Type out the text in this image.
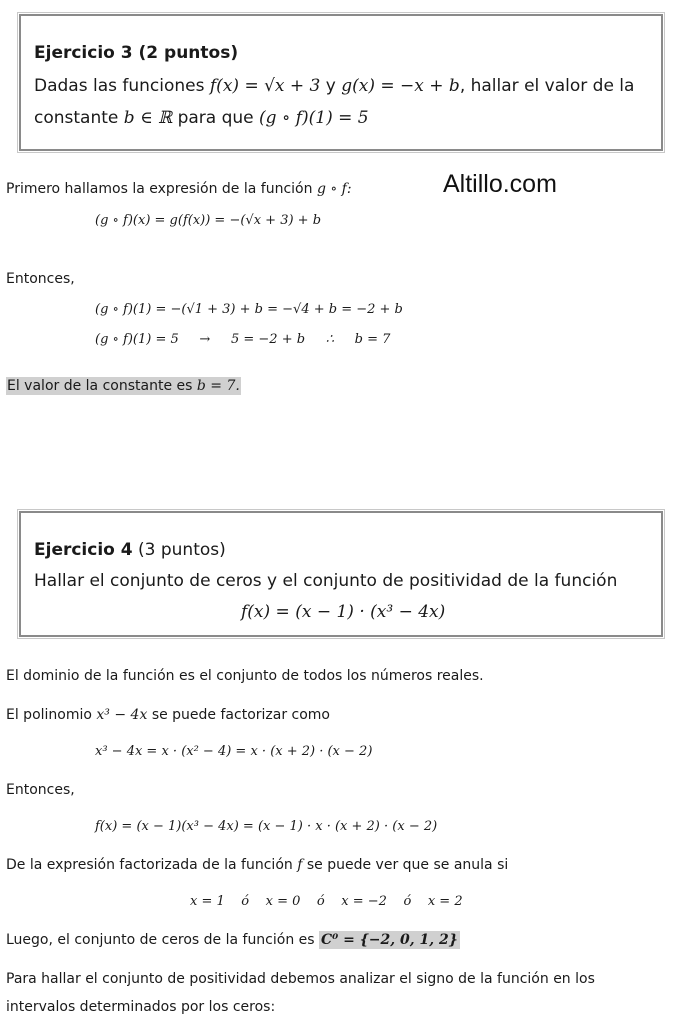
Ejercicio 3 (2 puntos)
Dadas las funciones f(x) = √x + 3 y g(x) = −x + b, hallar el valor de la
constante b ∈ ℝ para que (g ∘ f)(1) = 5
Altillo.com
Primero hallamos la expresión de la función g ∘ f:
(g ∘ f)(x) = g(f(x)) = −(√x + 3) + b
Entonces,
(g ∘ f)(1) = −(√1 + 3) + b = −√4 + b = −2 + b
(g ∘ f)(1) = 5     →     5 = −2 + b     ∴     b = 7
El valor de la constante es b = 7.
Ejercicio 4 (3 puntos)
Hallar el conjunto de ceros y el conjunto de positividad de la función
f(x) = (x − 1) · (x³ − 4x)
El dominio de la función es el conjunto de todos los números reales.
El polinomio x³ − 4x se puede factorizar como
x³ − 4x = x · (x² − 4) = x · (x + 2) · (x − 2)
Entonces,
f(x) = (x − 1)(x³ − 4x) = (x − 1) · x · (x + 2) · (x − 2)
De la expresión factorizada de la función f se puede ver que se anula si
x = 1    ó    x = 0    ó    x = −2    ó    x = 2
Luego, el conjunto de ceros de la función es C⁰ = {−2, 0, 1, 2}
Para hallar el conjunto de positividad debemos analizar el signo de la función en los
intervalos determinados por los ceros:
